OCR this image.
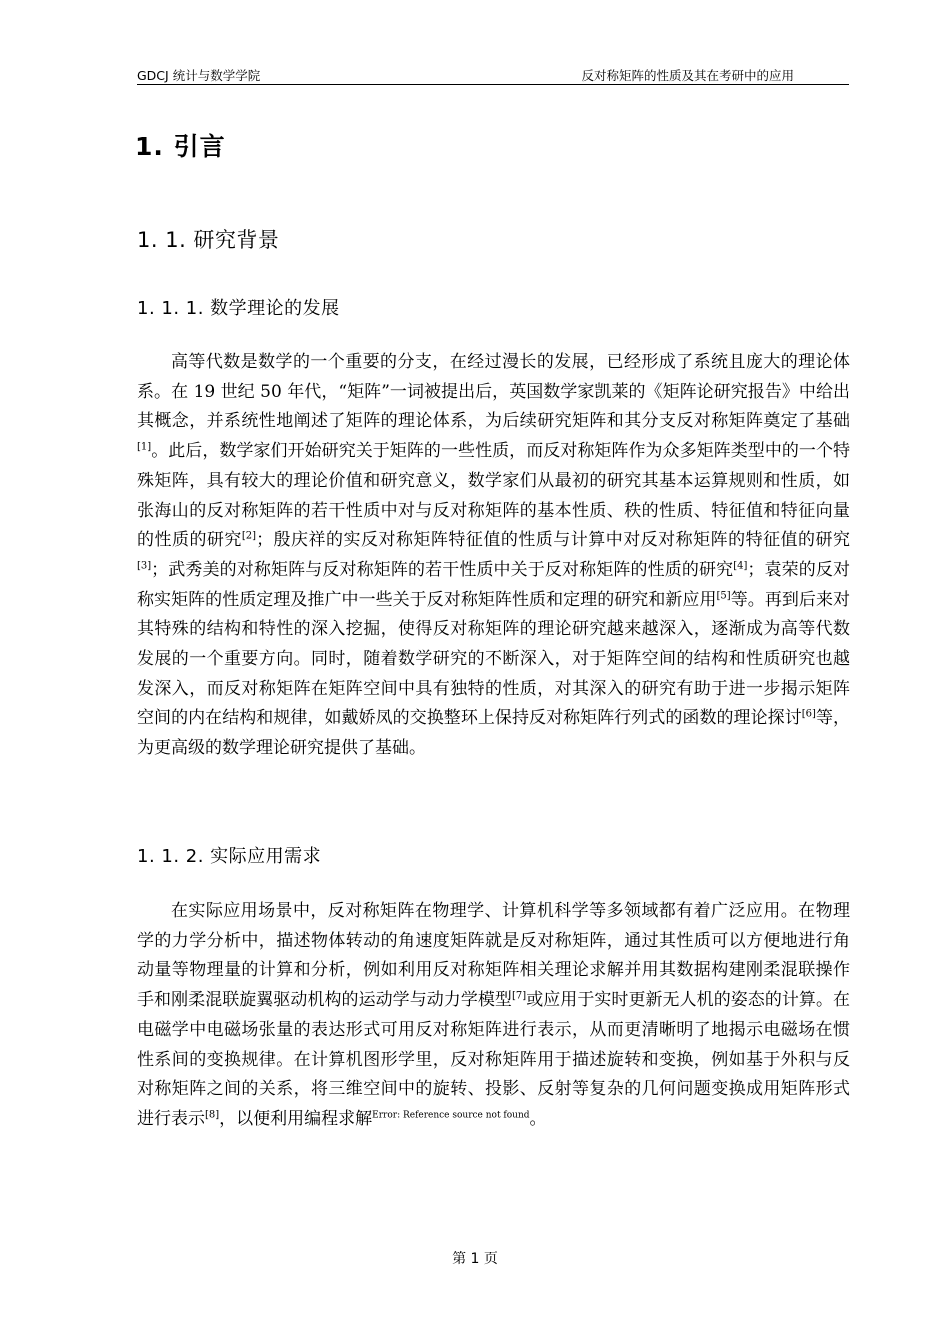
GDCJ 统计与数学学院	反对称矩阵的性质及其在考研中的应用
1. 引言
1. 1. 研究背景
1. 1. 1. 数学理论的发展

高等代数是数学的一个重要的分支，在经过漫长的发展，已经形成了系统且庞大的理论体系。在 19 世纪 50 年代，“矩阵”一词被提出后，英国数学家凯莱的《矩阵论研究报告》中给出其概念，并系统性地阐述了矩阵的理论体系，为后续研究矩阵和其分支反对称矩阵奠定了基础[1]。此后，数学家们开始研究关于矩阵的一些性质，而反对称矩阵作为众多矩阵类型中的一个特殊矩阵，具有较大的理论价值和研究意义，数学家们从最初的研究其基本运算规则和性质，如张海山的反对称矩阵的若干性质中对与反对称矩阵的基本性质、秩的性质、特征值和特征向量的性质的研究[2]；殷庆祥的实反对称矩阵特征值的性质与计算中对反对称矩阵的特征值的研究[3]；武秀美的对称矩阵与反对称矩阵的若干性质中关于反对称矩阵的性质的研究[4]；袁荣的反对称实矩阵的性质定理及推广中一些关于反对称矩阵性质和定理的研究和新应用[5]等。再到后来对其特殊的结构和特性的深入挖掘，使得反对称矩阵的理论研究越来越深入，逐渐成为高等代数发展的一个重要方向。同时，随着数学研究的不断深入，对于矩阵空间的结构和性质研究也越发深入，而反对称矩阵在矩阵空间中具有独特的性质，对其深入的研究有助于进一步揭示矩阵空间的内在结构和规律，如戴娇凤的交换整环上保持反对称矩阵行列式的函数的理论探讨[6]等，为更高级的数学理论研究提供了基础。

1. 1. 2. 实际应用需求

在实际应用场景中，反对称矩阵在物理学、计算机科学等多领域都有着广泛应用。在物理学的力学分析中，描述物体转动的角速度矩阵就是反对称矩阵，通过其性质可以方便地进行角动量等物理量的计算和分析，例如利用反对称矩阵相关理论求解并用其数据构建刚柔混联操作手和刚柔混联旋翼驱动机构的运动学与动力学模型[7]或应用于实时更新无人机的姿态的计算。在电磁学中电磁场张量的表达形式可用反对称矩阵进行表示，从而更清晰明了地揭示电磁场在惯性系间的变换规律。在计算机图形学里，反对称矩阵用于描述旋转和变换，例如基于外积与反对称矩阵之间的关系，将三维空间中的旋转、投影、反射等复杂的几何问题变换成用矩阵形式进行表示[8]，以便利用编程求解$^{Error: Reference source not found}$。

第 1 页
